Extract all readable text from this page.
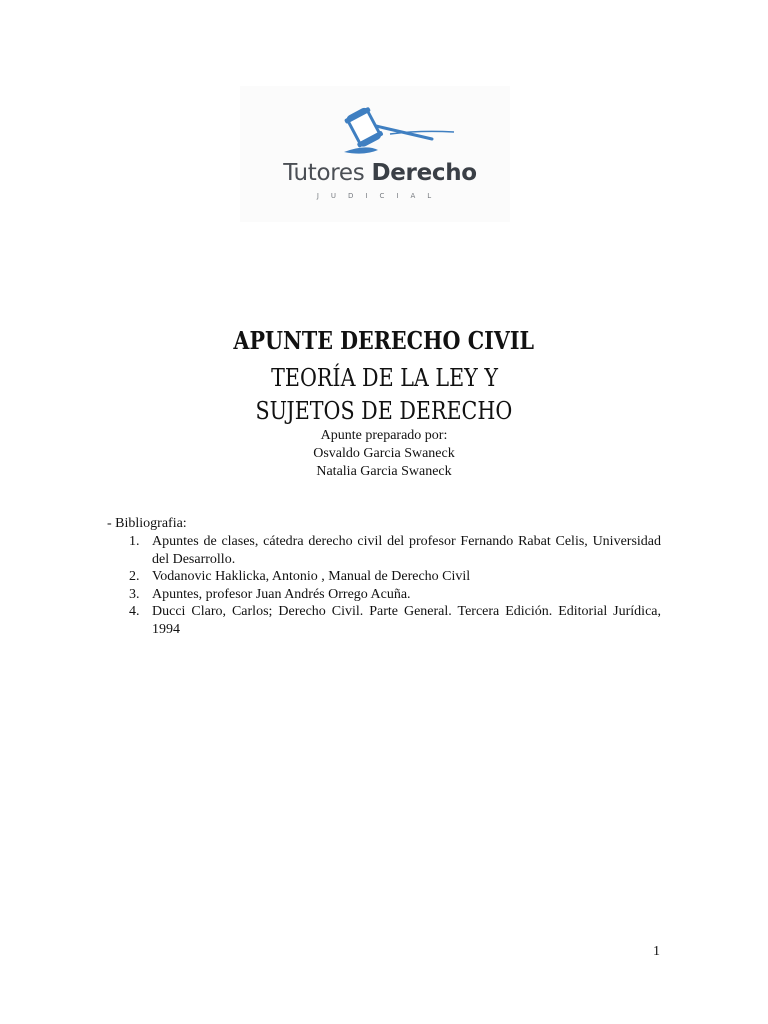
Tutores Derecho
JUDICIAL
APUNTE DERECHO CIVIL
TEORÍA DE LA LEY Y
SUJETOS DE DERECHO
Apunte preparado por:
Osvaldo Garcia Swaneck
Natalia Garcia Swaneck
- Bibliografia:
1. Apuntes de clases, cátedra derecho civil del profesor Fernando Rabat Celis, Universidad del Desarrollo.
2. Vodanovic Haklicka, Antonio , Manual de Derecho Civil
3. Apuntes, profesor Juan Andrés Orrego Acuña.
4. Ducci Claro, Carlos; Derecho Civil. Parte General. Tercera Edición. Editorial Jurídica, 1994
1
